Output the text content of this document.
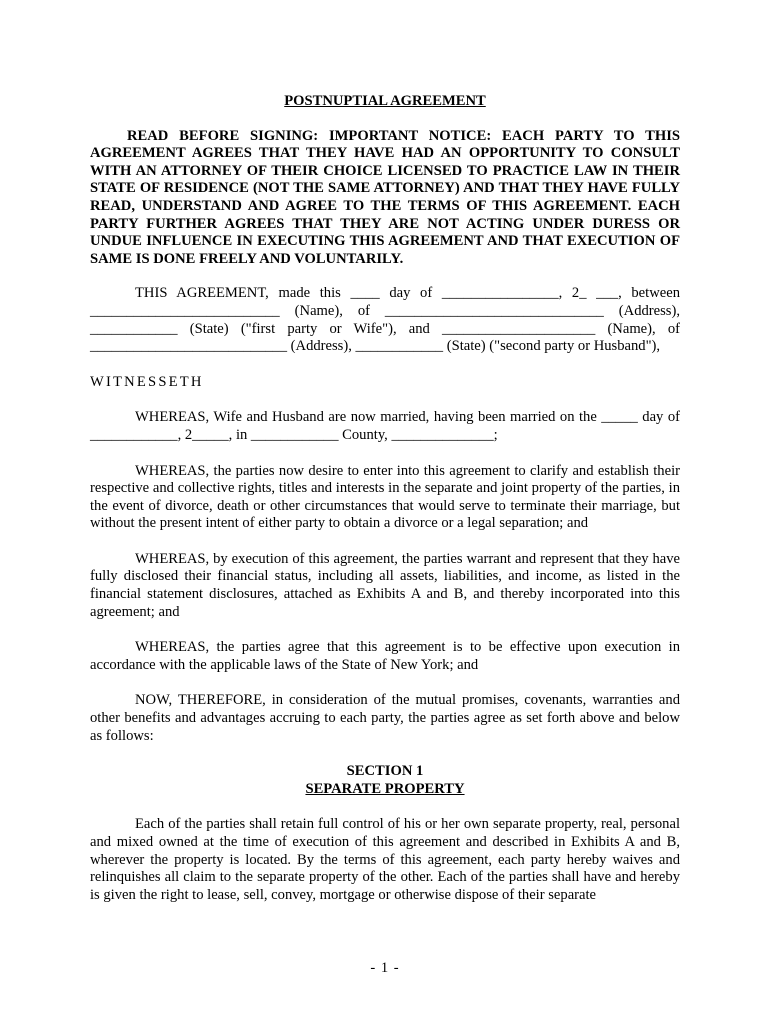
POSTNUPTIAL AGREEMENT

READ BEFORE SIGNING: IMPORTANT NOTICE: EACH PARTY TO THIS AGREEMENT AGREES THAT THEY HAVE HAD AN OPPORTUNITY TO CONSULT WITH AN ATTORNEY OF THEIR CHOICE LICENSED TO PRACTICE LAW IN THEIR STATE OF RESIDENCE (NOT THE SAME ATTORNEY) AND THAT THEY HAVE FULLY READ, UNDERSTAND AND AGREE TO THE TERMS OF THIS AGREEMENT. EACH PARTY FURTHER AGREES THAT THEY ARE NOT ACTING UNDER DURESS OR UNDUE INFLUENCE IN EXECUTING THIS AGREEMENT AND THAT EXECUTION OF SAME IS DONE FREELY AND VOLUNTARILY.

THIS AGREEMENT, made this ____ day of ________________, 2_ ___, between __________________________ (Name), of ______________________________ (Address), ____________ (State) ("first party or Wife"), and _____________________ (Name), of ___________________________ (Address), ____________ (State) ("second party or Husband"),

WITNESSETH

WHEREAS, Wife and Husband are now married, having been married on the _____ day of ____________, 2_____, in ____________ County, ______________;

WHEREAS, the parties now desire to enter into this agreement to clarify and establish their respective and collective rights, titles and interests in the separate and joint property of the parties, in the event of divorce, death or other circumstances that would serve to terminate their marriage, but without the present intent of either party to obtain a divorce or a legal separation; and

WHEREAS, by execution of this agreement, the parties warrant and represent that they have fully disclosed their financial status, including all assets, liabilities, and income, as listed in the financial statement disclosures, attached as Exhibits A and B, and thereby incorporated into this agreement; and

WHEREAS, the parties agree that this agreement is to be effective upon execution in accordance with the applicable laws of the State of New York; and

NOW, THEREFORE, in consideration of the mutual promises, covenants, warranties and other benefits and advantages accruing to each party, the parties agree as set forth above and below as follows:

SECTION 1

SEPARATE PROPERTY

Each of the parties shall retain full control of his or her own separate property, real, personal and mixed owned at the time of execution of this agreement and described in Exhibits A and B, wherever the property is located. By the terms of this agreement, each party hereby waives and relinquishes all claim to the separate property of the other. Each of the parties shall have and hereby is given the right to lease, sell, convey, mortgage or otherwise dispose of their separate

- 1 -
